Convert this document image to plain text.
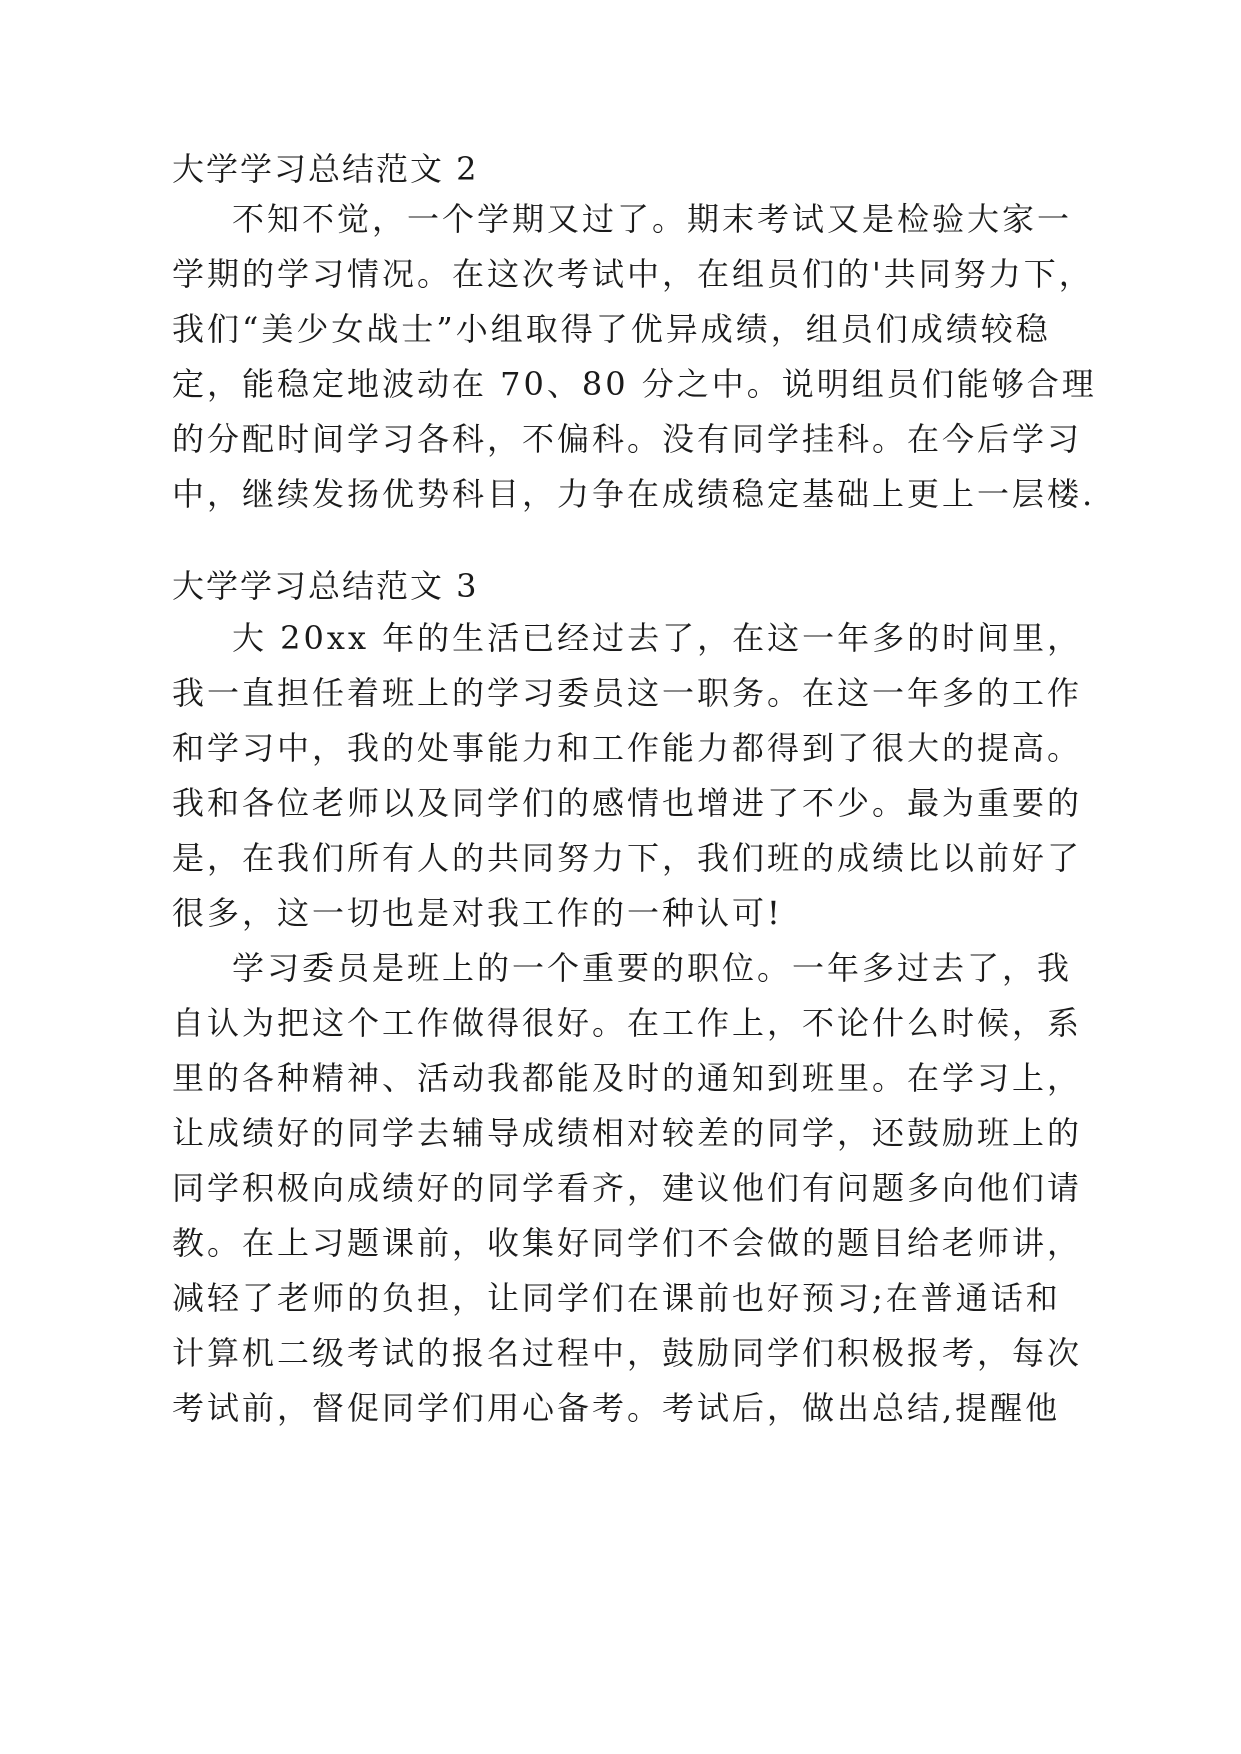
大学学习总结范文 2

不知不觉，一个学期又过了。期末考试又是检验大家一

学期的学习情况。在这次考试中，在组员们的'共同努力下，

我们“美少女战士”小组取得了优异成绩，组员们成绩较稳

定，能稳定地波动在 70、80 分之中。说明组员们能够合理

的分配时间学习各科，不偏科。没有同学挂科。在今后学习

中，继续发扬优势科目，力争在成绩稳定基础上更上一层楼.

大学学习总结范文 3

大 20xx 年的生活已经过去了，在这一年多的时间里，

我一直担任着班上的学习委员这一职务。在这一年多的工作

和学习中，我的处事能力和工作能力都得到了很大的提高。

我和各位老师以及同学们的感情也增进了不少。最为重要的

是，在我们所有人的共同努力下，我们班的成绩比以前好了

很多，这一切也是对我工作的一种认可!

学习委员是班上的一个重要的职位。一年多过去了，我

自认为把这个工作做得很好。在工作上，不论什么时候，系

里的各种精神、活动我都能及时的通知到班里。在学习上，

让成绩好的同学去辅导成绩相对较差的同学，还鼓励班上的

同学积极向成绩好的同学看齐，建议他们有问题多向他们请

教。在上习题课前，收集好同学们不会做的题目给老师讲，

减轻了老师的负担，让同学们在课前也好预习;在普通话和

计算机二级考试的报名过程中，鼓励同学们积极报考，每次

考试前，督促同学们用心备考。考试后，做出总结,提醒他
